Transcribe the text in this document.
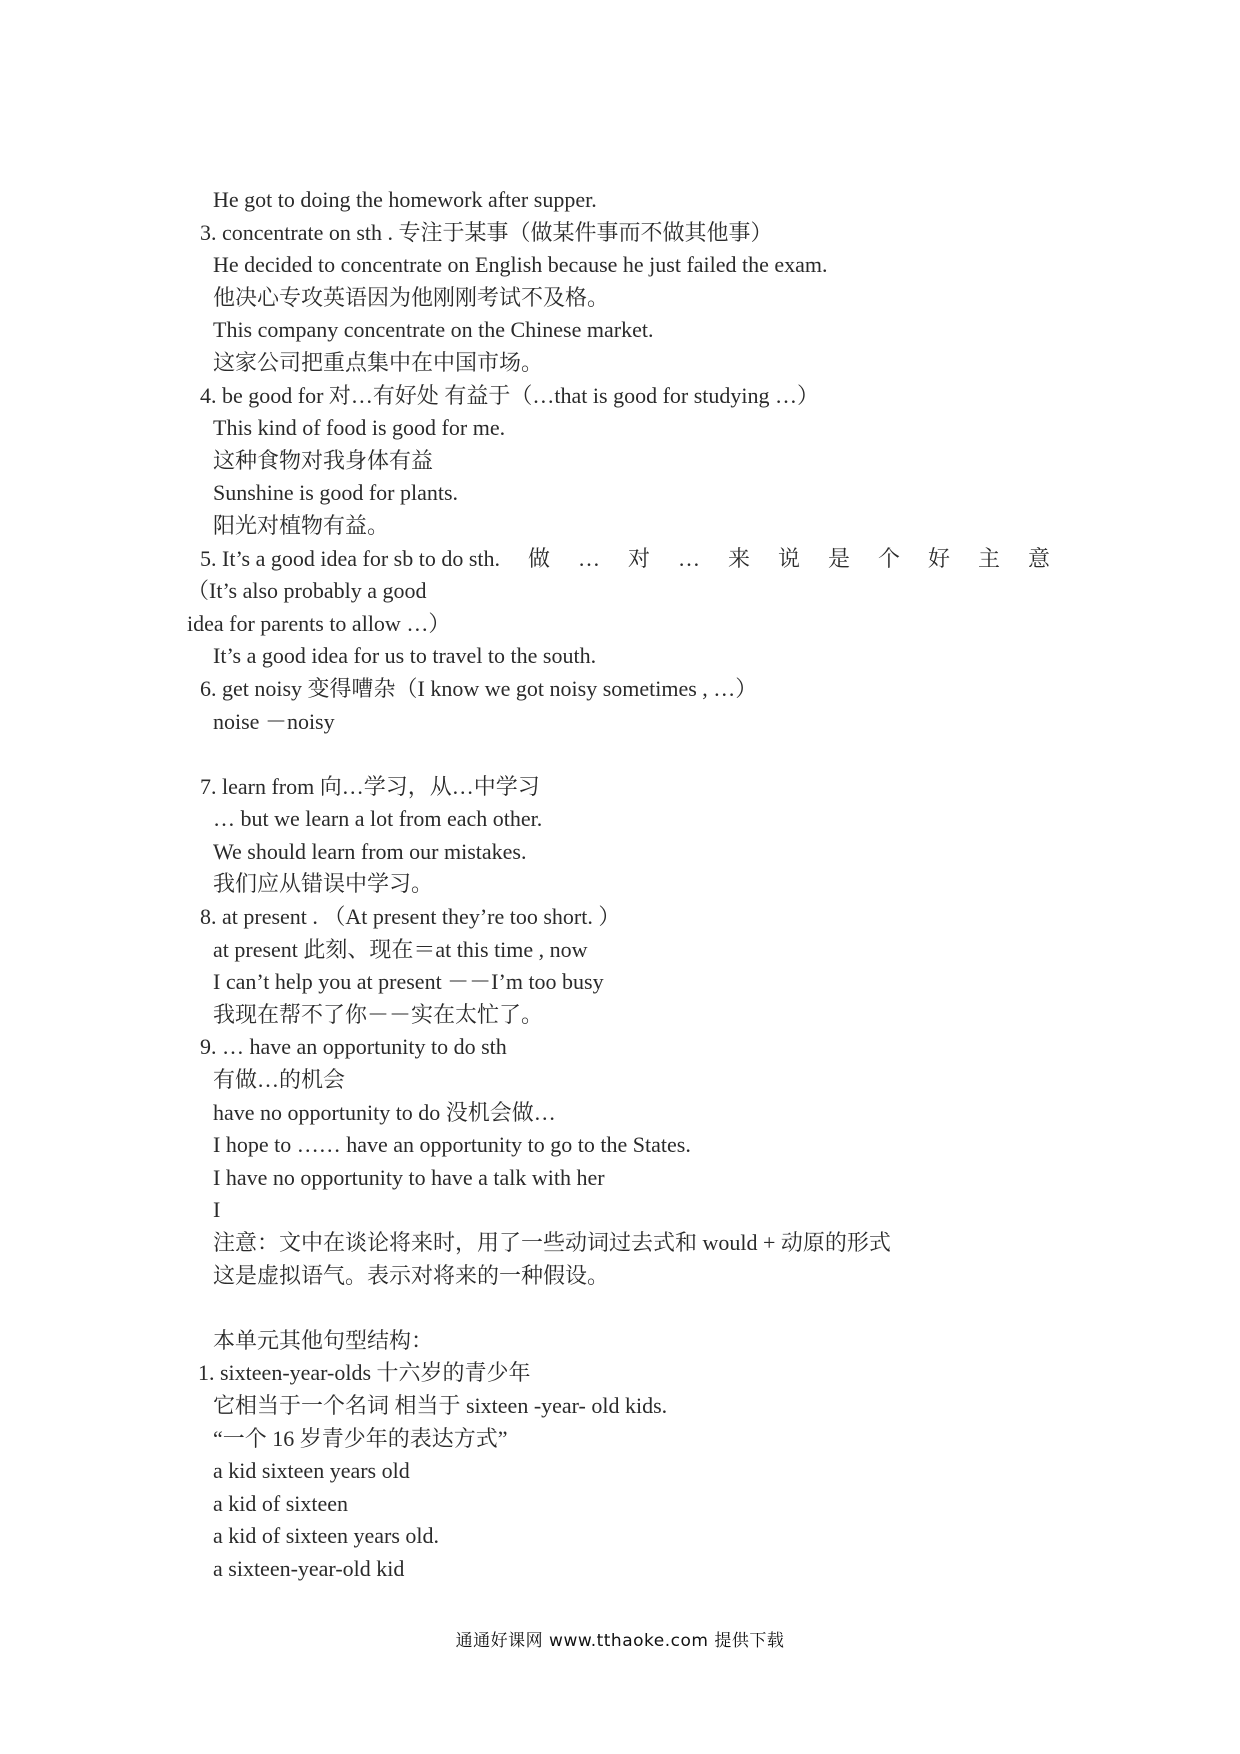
He got to doing the homework after supper.
3. concentrate on sth . 专注于某事（做某件事而不做其他事）
He decided to concentrate on English because he just failed the exam.
他决心专攻英语因为他刚刚考试不及格。
This company concentrate on the Chinese market.
这家公司把重点集中在中国市场。
4. be good for 对…有好处 有益于（…that is good for studying …）
This kind of food is good for me.
这种食物对我身体有益
Sunshine is good for plants.
阳光对植物有益。
5. It’s a good idea for sb to do sth. 做 … 对 … 来 说 是 个 好 主 意
（It’s also probably a good
idea for parents to allow …）
It’s a good idea for us to travel to the south.
6. get noisy 变得嘈杂（I know we got noisy sometimes , …）
noise －noisy
7. learn from 向…学习，从…中学习
… but we learn a lot from each other.
We should learn from our mistakes.
我们应从错误中学习。
8. at present . （At present they’re too short. ）
at present 此刻、现在＝at this time , now
I can’t help you at present －－I’m too busy
我现在帮不了你－－实在太忙了。
9. … have an opportunity to do sth
有做…的机会
have no opportunity to do 没机会做…
I hope to …… have an opportunity to go to the States.
I have no opportunity to have a talk with her
I
注意：文中在谈论将来时，用了一些动词过去式和 would + 动原的形式
这是虚拟语气。表示对将来的一种假设。
本单元其他句型结构：
1. sixteen-year-olds 十六岁的青少年
它相当于一个名词 相当于 sixteen -year- old kids.
“一个 16 岁青少年的表达方式”
a kid sixteen years old
a kid of sixteen
a kid of sixteen years old.
a sixteen-year-old kid
通通好课网 www.tthaoke.com 提供下载
